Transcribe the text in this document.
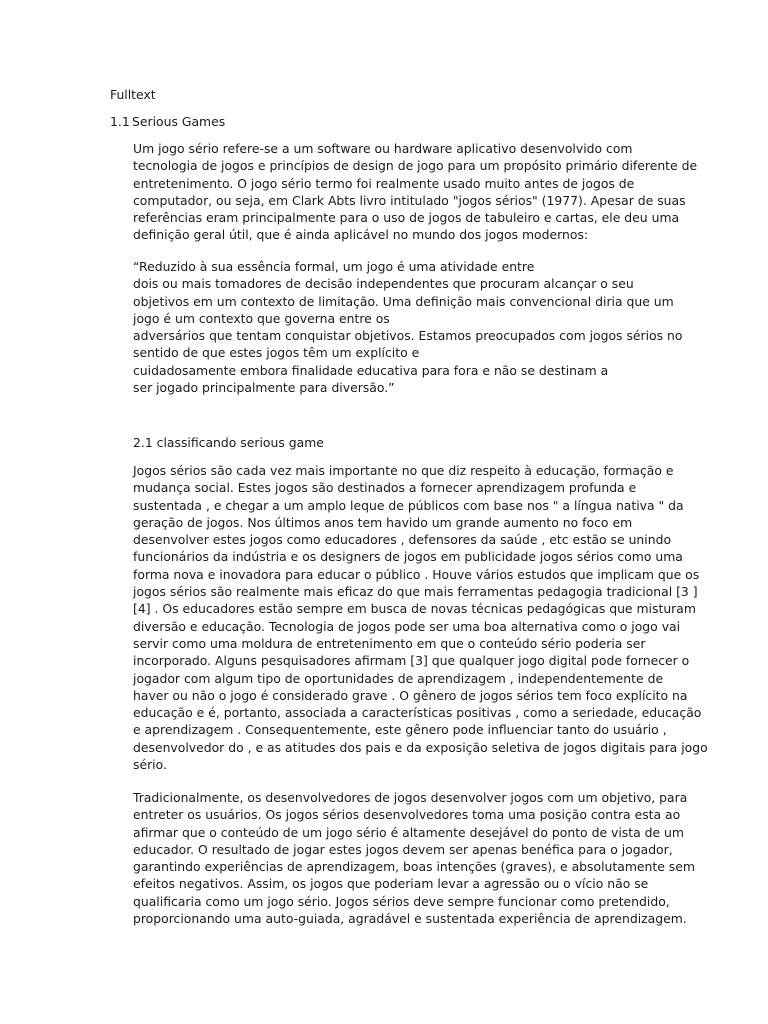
Fulltext
1.1 Serious Games
Um jogo sério refere-se a um software ou hardware aplicativo desenvolvido com
tecnologia de jogos e princípios de design de jogo para um propósito primário diferente de
entretenimento. O jogo sério termo foi realmente usado muito antes de jogos de
computador, ou seja, em Clark Abts livro intitulado "jogos sérios" (1977). Apesar de suas
referências eram principalmente para o uso de jogos de tabuleiro e cartas, ele deu uma
definição geral útil, que é ainda aplicável no mundo dos jogos modernos:
“Reduzido à sua essência formal, um jogo é uma atividade entre
dois ou mais tomadores de decisão independentes que procuram alcançar o seu
objetivos em um contexto de limitação. Uma definição mais convencional diria que um
jogo é um contexto que governa entre os
adversários que tentam conquistar objetivos. Estamos preocupados com jogos sérios no
sentido de que estes jogos têm um explícito e
cuidadosamente embora finalidade educativa para fora e não se destinam a
ser jogado principalmente para diversão.”
2.1 classificando serious game
Jogos sérios são cada vez mais importante no que diz respeito à educação, formação e
mudança social. Estes jogos são destinados a fornecer aprendizagem profunda e
sustentada , e chegar a um amplo leque de públicos com base nos " a língua nativa " da
geração de jogos. Nos últimos anos tem havido um grande aumento no foco em
desenvolver estes jogos como educadores , defensores da saúde , etc estão se unindo
funcionários da indústria e os designers de jogos em publicidade jogos sérios como uma
forma nova e inovadora para educar o público . Houve vários estudos que implicam que os
jogos sérios são realmente mais eficaz do que mais ferramentas pedagogia tradicional [3 ]
[4] . Os educadores estão sempre em busca de novas técnicas pedagógicas que misturam
diversão e educação. Tecnologia de jogos pode ser uma boa alternativa como o jogo vai
servir como uma moldura de entretenimento em que o conteúdo sério poderia ser
incorporado. Alguns pesquisadores afirmam [3] que qualquer jogo digital pode fornecer o
jogador com algum tipo de oportunidades de aprendizagem , independentemente de
haver ou não o jogo é considerado grave . O gênero de jogos sérios tem foco explícito na
educação e é, portanto, associada a características positivas , como a seriedade, educação
e aprendizagem . Consequentemente, este gênero pode influenciar tanto do usuário ,
desenvolvedor do , e as atitudes dos pais e da exposição seletiva de jogos digitais para jogo
sério.
Tradicionalmente, os desenvolvedores de jogos desenvolver jogos com um objetivo, para
entreter os usuários. Os jogos sérios desenvolvedores toma uma posição contra esta ao
afirmar que o conteúdo de um jogo sério é altamente desejável do ponto de vista de um
educador. O resultado de jogar estes jogos devem ser apenas benéfica para o jogador,
garantindo experiências de aprendizagem, boas intenções (graves), e absolutamente sem
efeitos negativos. Assim, os jogos que poderiam levar a agressão ou o vício não se
qualificaria como um jogo sério. Jogos sérios deve sempre funcionar como pretendido,
proporcionando uma auto-guiada, agradável e sustentada experiência de aprendizagem.
